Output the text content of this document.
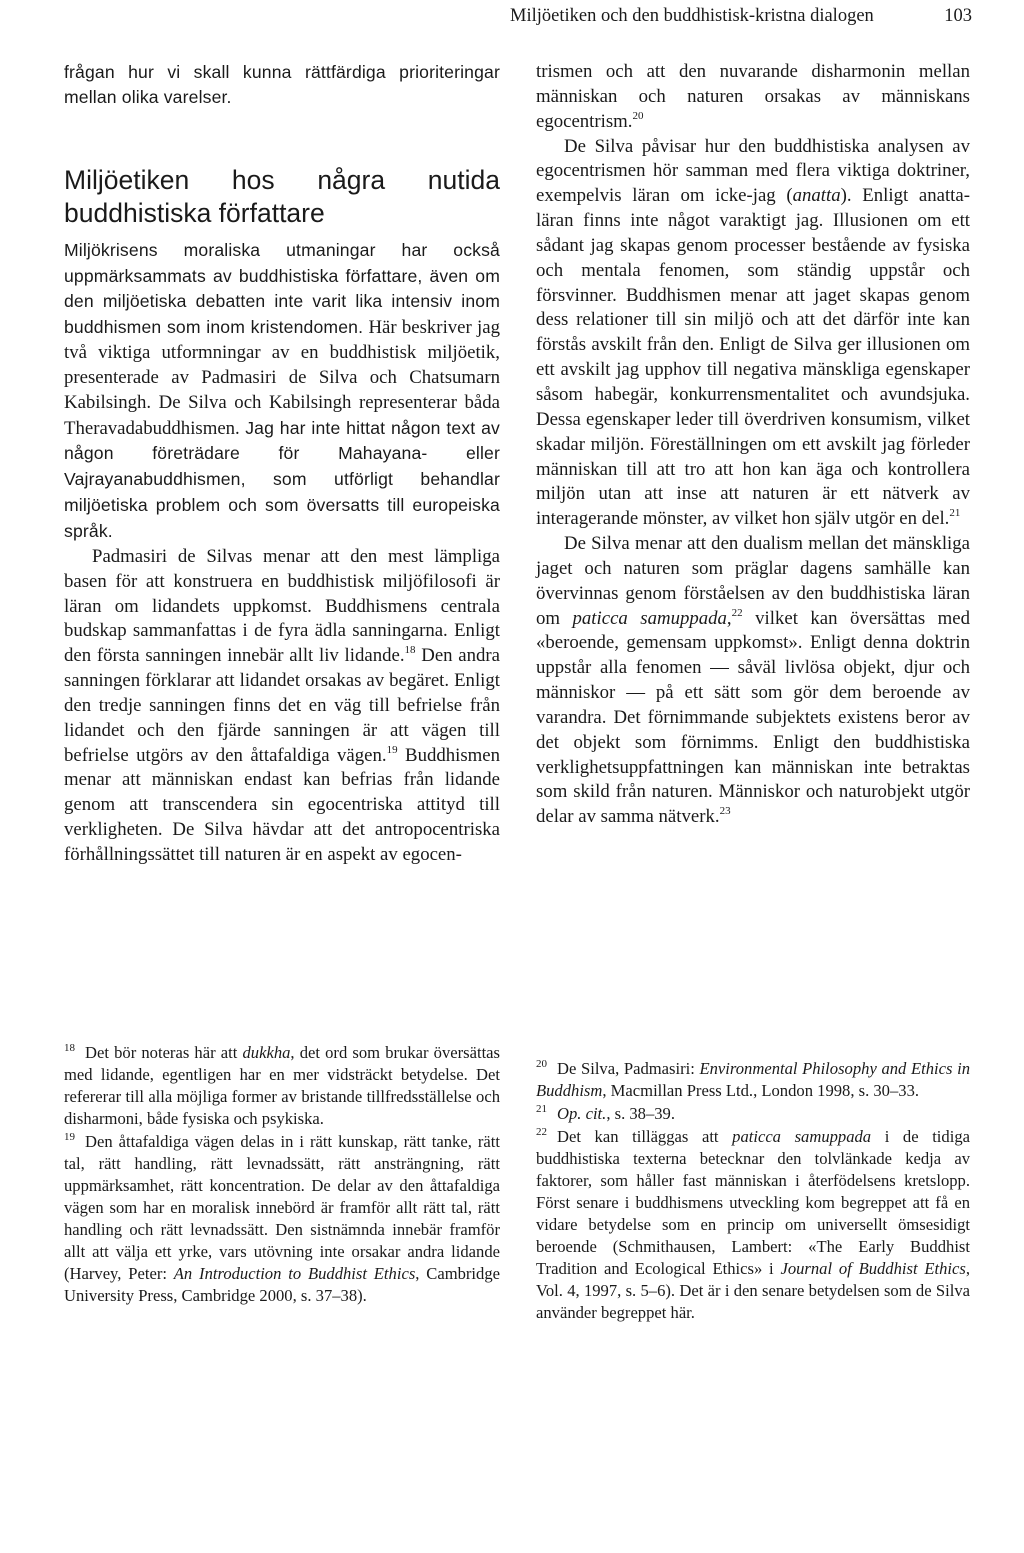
Miljöetiken och den buddhistisk-kristna dialogen	103

frågan hur vi skall kunna rättfärdiga prioriteringar mellan olika varelser.

Miljöetiken hos några nutida buddhistiska författare

Miljökrisens moraliska utmaningar har också uppmärksammats av buddhistiska författare, även om den miljöetiska debatten inte varit lika intensiv inom buddhismen som inom kristendomen. Här beskriver jag två viktiga utformningar av en buddhistisk miljöetik, presenterade av Padmasiri de Silva och Chatsumarn Kabilsingh. De Silva och Kabilsingh representerar båda Theravadabuddhismen. Jag har inte hittat någon text av någon företrädare för Mahayana- eller Vajrayanabuddhismen, som utförligt behandlar miljöetiska problem och som översatts till europeiska språk.

Padmasiri de Silvas menar att den mest lämpliga basen för att konstruera en buddhistisk miljöfilosofi är läran om lidandets uppkomst. Buddhismens centrala budskap sammanfattas i de fyra ädla sanningarna. Enligt den första sanningen innebär allt liv lidande.$^{18}$ Den andra sanningen förklarar att lidandet orsakas av begäret. Enligt den tredje sanningen finns det en väg till befrielse från lidandet och den fjärde sanningen är att vägen till befrielse utgörs av den åttafaldiga vägen.$^{19}$ Buddhismen menar att människan endast kan befrias från lidande genom att transcendera sin egocentriska attityd till verkligheten. De Silva hävdar att det antropocentriska förhållningssättet till naturen är en aspekt av egocen-

trismen och att den nuvarande disharmonin mellan människan och naturen orsakas av människans egocentrism.$^{20}$

De Silva påvisar hur den buddhistiska analysen av egocentrismen hör samman med flera viktiga doktriner, exempelvis läran om icke-jag (anatta). Enligt anatta-läran finns inte något varaktigt jag. Illusionen om ett sådant jag skapas genom processer bestående av fysiska och mentala fenomen, som ständig uppstår och försvinner. Buddhismen menar att jaget skapas genom dess relationer till sin miljö och att det därför inte kan förstås avskilt från den. Enligt de Silva ger illusionen om ett avskilt jag upphov till negativa mänskliga egenskaper såsom habegär, konkurrensmentalitet och avundsjuka. Dessa egenskaper leder till överdriven konsumism, vilket skadar miljön. Föreställningen om ett avskilt jag förleder människan till att tro att hon kan äga och kontrollera miljön utan att inse att naturen är ett nätverk av interagerande mönster, av vilket hon själv utgör en del.$^{21}$

De Silva menar att den dualism mellan det mänskliga jaget och naturen som präglar dagens samhälle kan övervinnas genom förståelsen av den buddhistiska läran om paticca samuppada,$^{22}$ vilket kan översättas med «beroende, gemensam uppkomst». Enligt denna doktrin uppstår alla fenomen — såväl livlösa objekt, djur och människor — på ett sätt som gör dem beroende av varandra. Det förnimmande subjektets existens beror av det objekt som förnimms. Enligt den buddhistiska verklighetsuppfattningen kan människan inte betraktas som skild från naturen. Människor och naturobjekt utgör delar av samma nätverk.$^{23}$

$^{18}$ Det bör noteras här att dukkha, det ord som brukar översättas med lidande, egentligen har en mer vidsträckt betydelse. Det refererar till alla möjliga former av bristande tillfredsställelse och disharmoni, både fysiska och psykiska.

$^{19}$ Den åttafaldiga vägen delas in i rätt kunskap, rätt tanke, rätt tal, rätt handling, rätt levnadssätt, rätt ansträngning, rätt uppmärksamhet, rätt koncentration. De delar av den åttafaldiga vägen som har en moralisk innebörd är framför allt rätt tal, rätt handling och rätt levnadssätt. Den sistnämnda innebär framför allt att välja ett yrke, vars utövning inte orsakar andra lidande (Harvey, Peter: An Introduction to Buddhist Ethics, Cambridge University Press, Cambridge 2000, s. 37–38).

$^{20}$ De Silva, Padmasiri: Environmental Philosophy and Ethics in Buddhism, Macmillan Press Ltd., London 1998, s. 30–33.

$^{21}$ Op. cit., s. 38–39.

$^{22}$ Det kan tilläggas att paticca samuppada i de tidiga buddhistiska texterna betecknar den tolvlänkade kedja av faktorer, som håller fast människan i återfödelsens kretslopp. Först senare i buddhismens utveckling kom begreppet att få en vidare betydelse som en princip om universellt ömsesidigt beroende (Schmithausen, Lambert: «The Early Buddhist Tradition and Ecological Ethics» i Journal of Buddhist Ethics, Vol. 4, 1997, s. 5–6). Det är i den senare betydelsen som de Silva använder begreppet här.
